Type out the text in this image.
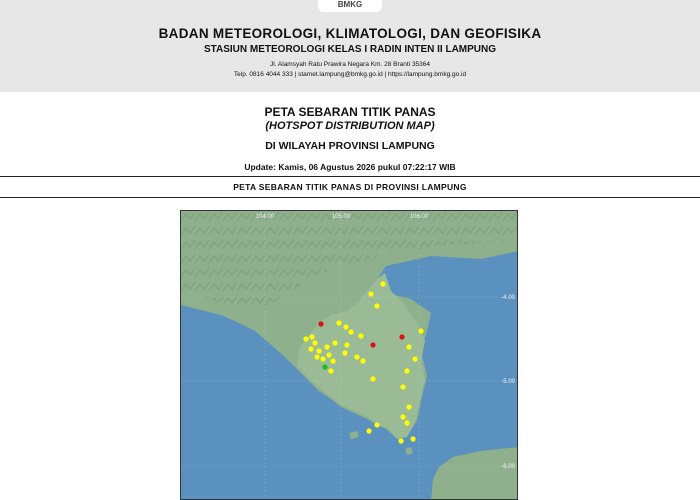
BMKG
BADAN METEOROLOGI, KLIMATOLOGI, DAN GEOFISIKA
STASIUN METEOROLOGI KELAS I RADIN INTEN II LAMPUNG
Jl. Alamsyah Ratu Prawira Negara Km. 28 Branti 35364
Telp. 0816 4044 333 | stamet.lampung@bmkg.go.id | https://lampung.bmkg.go.id
PETA SEBARAN TITIK PANAS
(HOTSPOT DISTRIBUTION MAP)
DI WILAYAH PROVINSI LAMPUNG
Update: Kamis, 06 Agustus 2026 pukul 07:22:17 WIB
PETA SEBARAN TITIK PANAS DI PROVINSI LAMPUNG
104.00	105.00	106.00
-4.00
-5.00
-6.00
